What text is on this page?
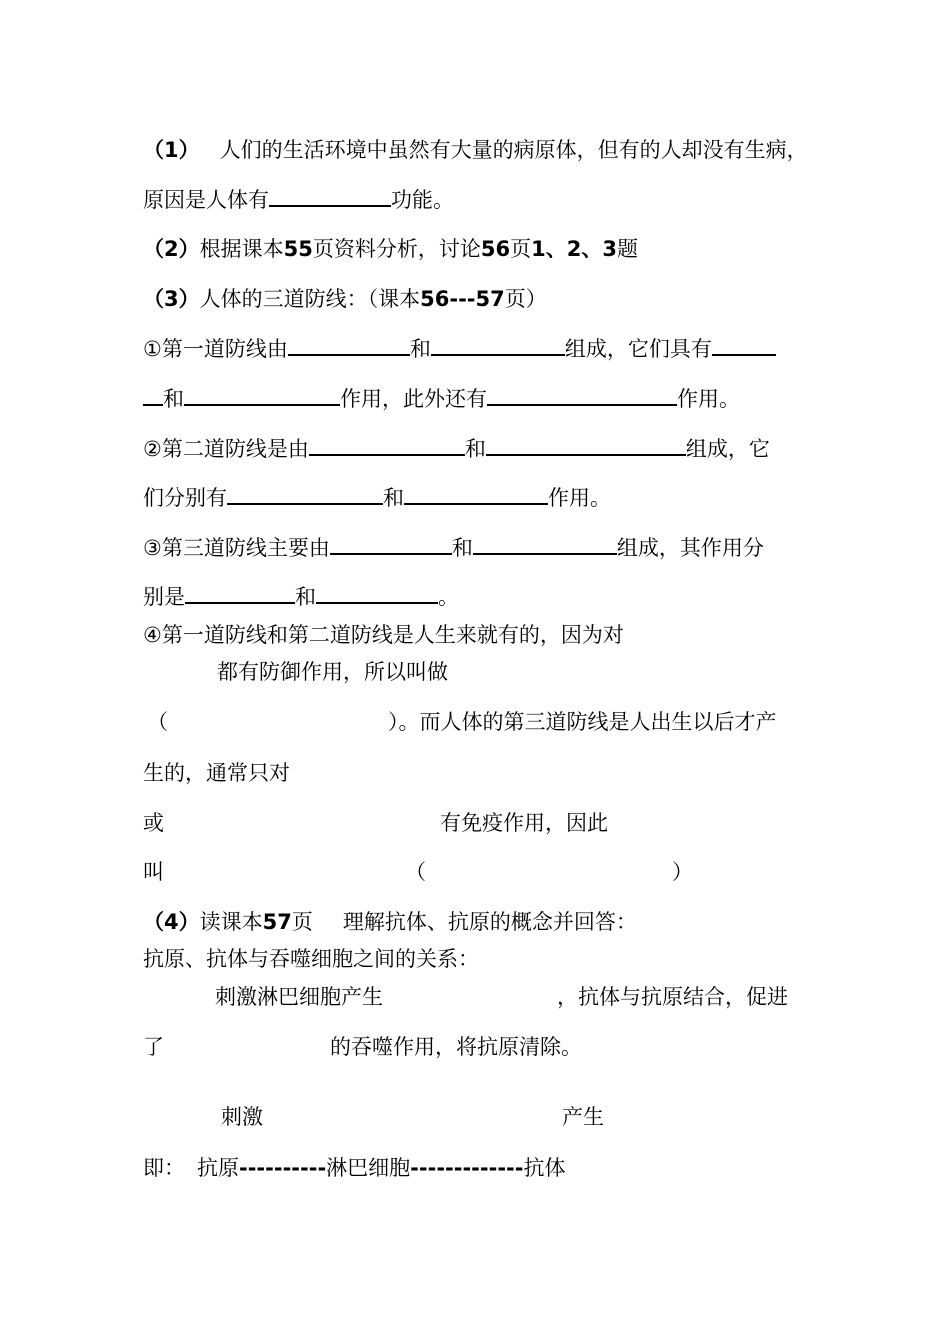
（1） 人们的生活环境中虽然有大量的病原体，但有的人却没有生病，
原因是人体有	功能。
（2）根据课本55页资料分析，讨论56页1、2、3题
（3）人体的三道防线：（课本56---57页）
①第一道防线由	和	组成，它们具有
和	作用，此外还有	作用。
②第二道防线是由	和	组成，它
们分别有	和	作用。
③第三道防线主要由	和	组成，其作用分
别是	和	。
④第一道防线和第二道防线是人生来就有的，因为对
都有防御作用，所以叫做
（	）。而人体的第三道防线是人出生以后才产
生的，通常只对
或	有免疫作用，因此
叫	（	）
（4）读课本57页 理解抗体、抗原的概念并回答：
抗原、抗体与吞噬细胞之间的关系：
刺激淋巴细胞产生	，抗体与抗原结合，促进
了	的吞噬作用，将抗原清除。
刺激	产生
即： 抗原----------淋巴细胞-------------抗体
